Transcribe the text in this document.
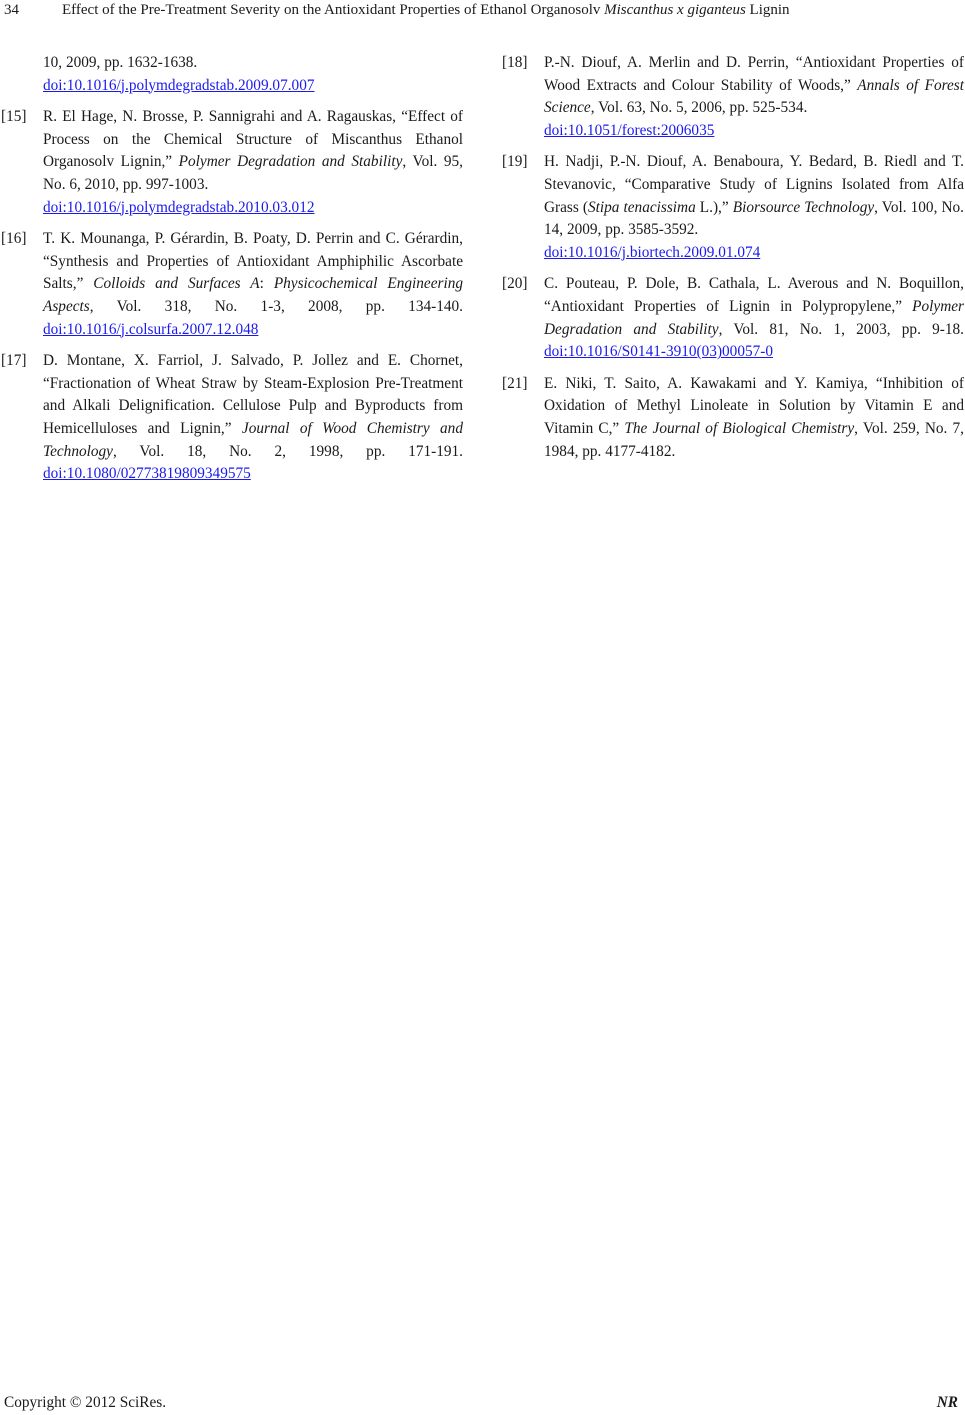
34	Effect of the Pre-Treatment Severity on the Antioxidant Properties of Ethanol Organosolv Miscanthus x giganteus Lignin
10, 2009, pp. 1632-1638.
doi:10.1016/j.polymdegradstab.2009.07.007
[15] R. El Hage, N. Brosse, P. Sannigrahi and A. Ragauskas, “Effect of Process on the Chemical Structure of Miscanthus Ethanol Organosolv Lignin,” Polymer Degradation and Stability, Vol. 95, No. 6, 2010, pp. 997-1003.
doi:10.1016/j.polymdegradstab.2010.03.012
[16] T. K. Mounanga, P. Gérardin, B. Poaty, D. Perrin and C. Gérardin, “Synthesis and Properties of Antioxidant Amphiphilic Ascorbate Salts,” Colloids and Surfaces A: Physicochemical Engineering Aspects, Vol. 318, No. 1-3, 2008, pp. 134-140. doi:10.1016/j.colsurfa.2007.12.048
[17] D. Montane, X. Farriol, J. Salvado, P. Jollez and E. Chornet, “Fractionation of Wheat Straw by Steam-Explosion Pre-Treatment and Alkali Delignification. Cellulose Pulp and Byproducts from Hemicelluloses and Lignin,” Journal of Wood Chemistry and Technology, Vol. 18, No. 2, 1998, pp. 171-191. doi:10.1080/02773819809349575
[18] P.-N. Diouf, A. Merlin and D. Perrin, “Antioxidant Properties of Wood Extracts and Colour Stability of Woods,” Annals of Forest Science, Vol. 63, No. 5, 2006, pp. 525-534.
doi:10.1051/forest:2006035
[19] H. Nadji, P.-N. Diouf, A. Benaboura, Y. Bedard, B. Riedl and T. Stevanovic, “Comparative Study of Lignins Isolated from Alfa Grass (Stipa tenacissima L.),” Biorsource Technology, Vol. 100, No. 14, 2009, pp. 3585-3592.
doi:10.1016/j.biortech.2009.01.074
[20] C. Pouteau, P. Dole, B. Cathala, L. Averous and N. Boquillon, “Antioxidant Properties of Lignin in Polypropylene,” Polymer Degradation and Stability, Vol. 81, No. 1, 2003, pp. 9-18. doi:10.1016/S0141-3910(03)00057-0
[21] E. Niki, T. Saito, A. Kawakami and Y. Kamiya, “Inhibition of Oxidation of Methyl Linoleate in Solution by Vitamin E and Vitamin C,” The Journal of Biological Chemistry, Vol. 259, No. 7, 1984, pp. 4177-4182.
Copyright © 2012 SciRes.	NR
